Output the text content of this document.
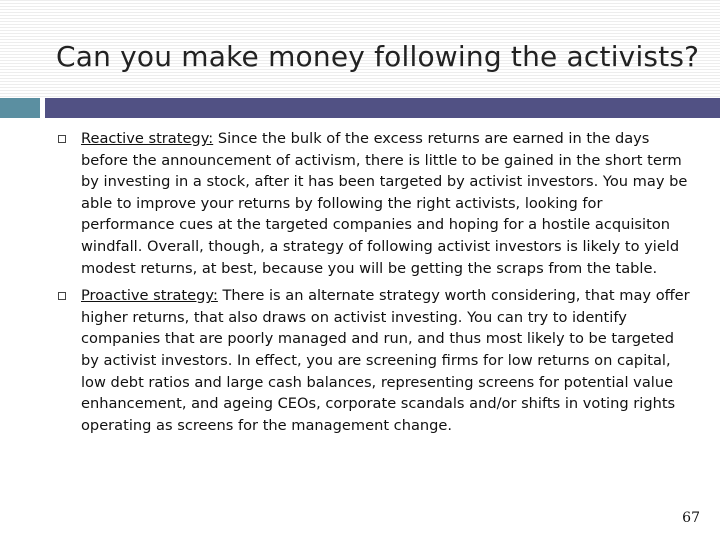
Can you make money following the activists?

Reactive strategy: Since the bulk of the excess returns are earned in the days before the announcement of activism, there is little to be gained in the short term by investing in a stock, after it has been targeted by activist investors. You may be able to improve your returns by following the right activists, looking for performance cues at the targeted companies and hoping for a hostile acquisiton windfall. Overall, though, a strategy of following activist investors is likely to yield modest returns, at best, because you will be getting the scraps from the table.

Proactive strategy: There is an alternate strategy worth considering, that may offer higher returns, that also draws on activist investing. You can try to identify companies that are poorly managed and run, and thus most likely to be targeted by activist investors. In effect, you are screening firms for low returns on capital, low debt ratios and large cash balances, representing screens for potential value enhancement, and ageing CEOs, corporate scandals and/or shifts in voting rights operating as screens for the management change.

67
